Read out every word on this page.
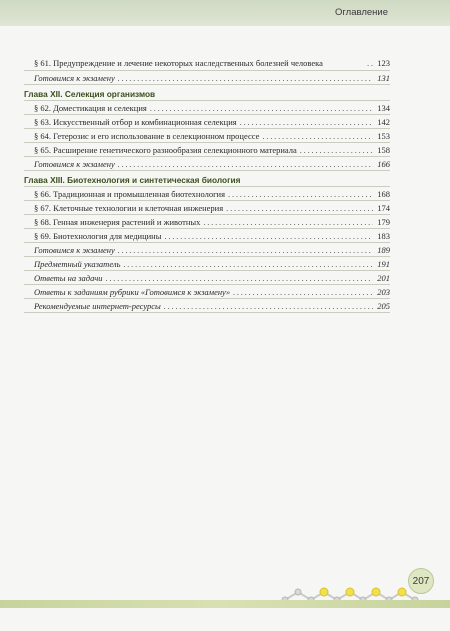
Оглавление
§ 61. Предупреждение и лечение некоторых наследственных болезней человека .....	123
Готовимся к экзамену .....	131
Глава XII. Селекция организмов
§ 62. Доместикация и селекция .....	134
§ 63. Искусственный отбор и комбинационная селекция .....	142
§ 64. Гетерозис и его использование в селекционном процессе .....	153
§ 65. Расширение генетического разнообразия селекционного материала .....	158
Готовимся к экзамену .....	166
Глава XIII. Биотехнология и синтетическая биология
§ 66. Традиционная и промышленная биотехнология .....	168
§ 67. Клеточные технологии и клеточная инженерия .....	174
§ 68. Генная инженерия растений и животных .....	179
§ 69. Биотехнология для медицины .....	183
Готовимся к экзамену .....	189
Предметный указатель .....	191
Ответы на задачи .....	201
Ответы к заданиям рубрики «Готовимся к экзамену» .....	203
Рекомендуемые интернет-ресурсы .....	205
207
